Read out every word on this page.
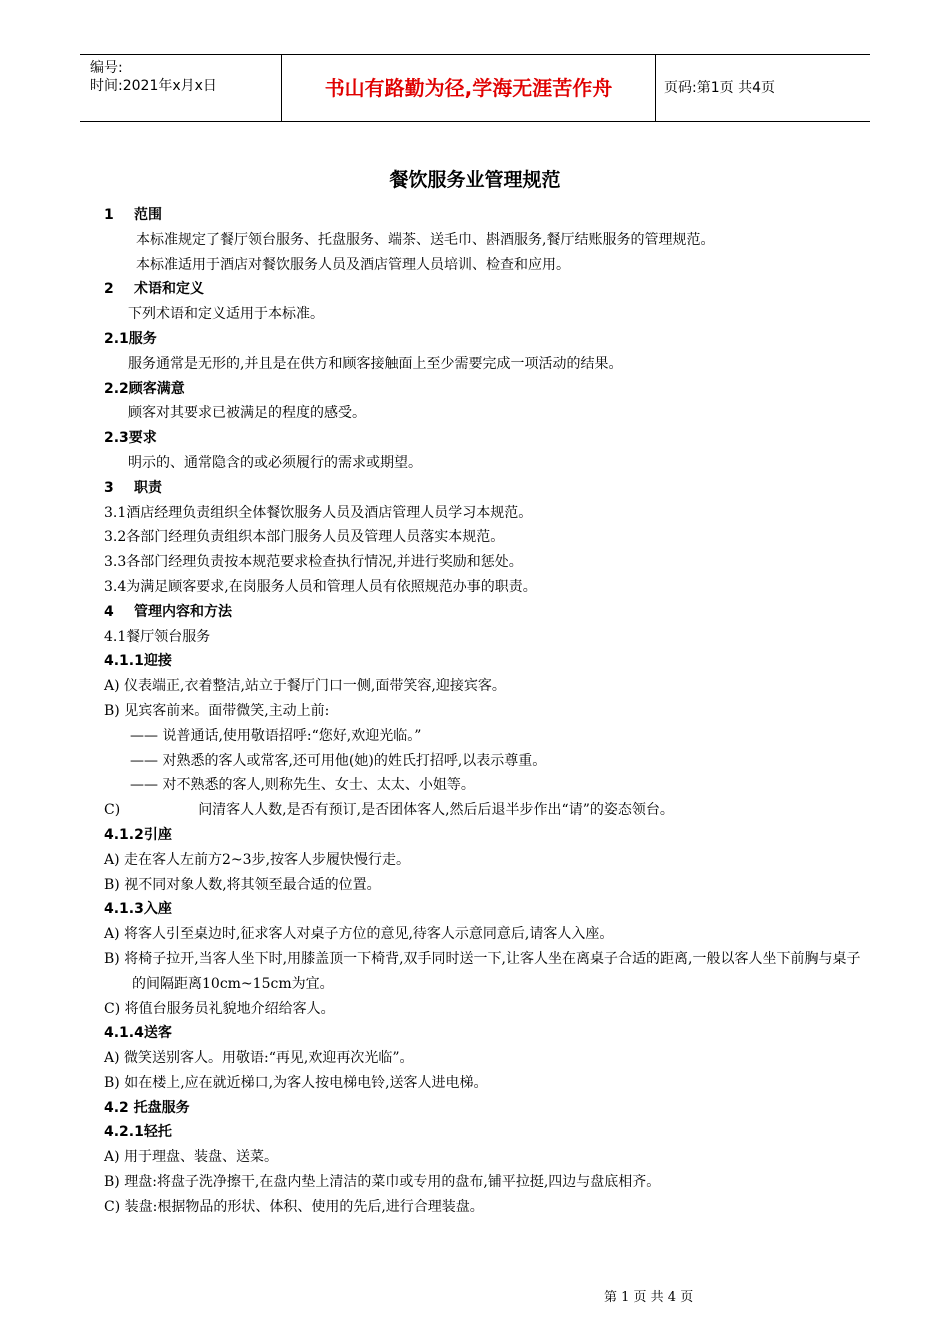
编号:
时间:2021年x月x日	书山有路勤为径,学海无涯苦作舟	页码:第1页 共4页
餐饮服务业管理规范
1 范围
本标准规定了餐厅领台服务、托盘服务、端茶、送毛巾、斟酒服务,餐厅结账服务的管理规范。
本标准适用于酒店对餐饮服务人员及酒店管理人员培训、检查和应用。
2 术语和定义
下列术语和定义适用于本标准。
2.1服务
服务通常是无形的,并且是在供方和顾客接触面上至少需要完成一项活动的结果。
2.2顾客满意
顾客对其要求已被满足的程度的感受。
2.3要求
明示的、通常隐含的或必须履行的需求或期望。
3 职责
3.1酒店经理负责组织全体餐饮服务人员及酒店管理人员学习本规范。
3.2各部门经理负责组织本部门服务人员及管理人员落实本规范。
3.3各部门经理负责按本规范要求检查执行情况,并进行奖励和惩处。
3.4为满足顾客要求,在岗服务人员和管理人员有依照规范办事的职责。
4 管理内容和方法
4.1餐厅领台服务
4.1.1迎接
A) 仪表端正,衣着整洁,站立于餐厅门口一侧,面带笑容,迎接宾客。
B) 见宾客前来。面带微笑,主动上前:
—— 说普通话,使用敬语招呼:“您好,欢迎光临。”
—— 对熟悉的客人或常客,还可用他(她)的姓氏打招呼,以表示尊重。
—— 对不熟悉的客人,则称先生、女士、太太、小姐等。
C)	问清客人人数,是否有预订,是否团体客人,然后后退半步作出“请”的姿态领台。
4.1.2引座
A) 走在客人左前方2~3步,按客人步履快慢行走。
B) 视不同对象人数,将其领至最合适的位置。
4.1.3入座
A) 将客人引至桌边时,征求客人对桌子方位的意见,待客人示意同意后,请客人入座。
B) 将椅子拉开,当客人坐下时,用膝盖顶一下椅背,双手同时送一下,让客人坐在离桌子合适的距离,一般以客人坐下前胸与桌子的间隔距离10cm~15cm为宜。
C) 将值台服务员礼貌地介绍给客人。
4.1.4送客
A) 微笑送别客人。用敬语:“再见,欢迎再次光临”。
B) 如在楼上,应在就近梯口,为客人按电梯电铃,送客人进电梯。
4.2 托盘服务
4.2.1轻托
A) 用于理盘、装盘、送菜。
B) 理盘:将盘子洗净擦干,在盘内垫上清洁的菜巾或专用的盘布,铺平拉挺,四边与盘底相齐。
C) 装盘:根据物品的形状、体积、使用的先后,进行合理装盘。
第 1 页 共 4 页
